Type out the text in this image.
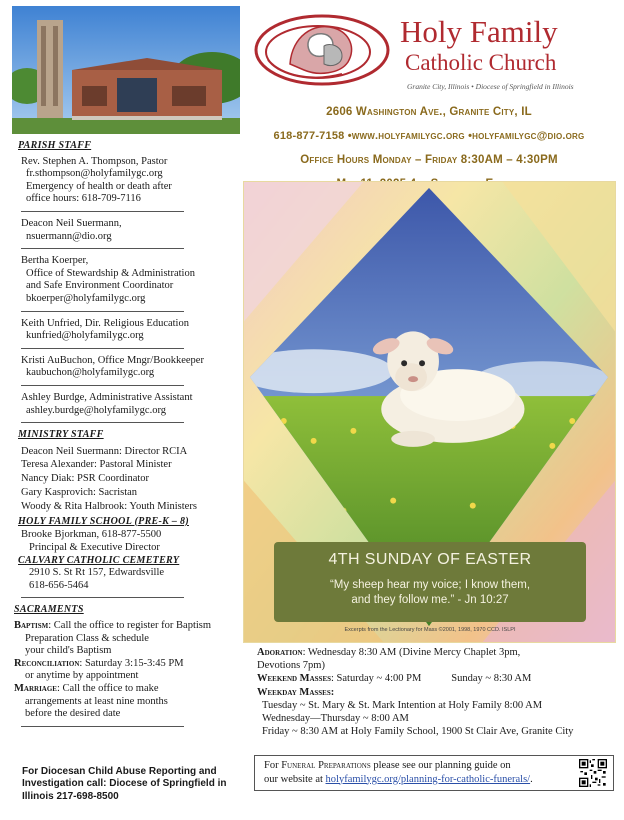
Holy Family
Catholic Church
Granite City, Illinois • Diocese of Springfield in Illinois
2606 Washington Ave., Granite City, IL
618-877-7158 •www.holyfamilygc.org •holyfamilygc@dio.org
Office Hours Monday – Friday 8:30AM – 4:30PM
PARISH STAFF
Rev. Stephen A. Thompson, Pastor
fr.sthompson@holyfamilygc.org
Emergency of health or death after
office hours: 618-709-7116
Deacon Neil Suermann,
nsuermann@dio.org
Bertha Koerper,
Office of Stewardship & Administration
and Safe Environment Coordinator
bkoerper@holyfamilygc.org
Keith Unfried, Dir. Religious Education
kunfried@holyfamilygc.org
Kristi AuBuchon, Office Mngr/Bookkeeper
kaubuchon@holyfamilygc.org
Ashley Burdge, Administrative Assistant
ashley.burdge@holyfamilygc.org
MINISTRY STAFF
Deacon Neil Suermann: Director RCIA
Teresa Alexander: Pastoral Minister
Nancy Diak: PSR Coordinator
Gary Kasprovich: Sacristan
Woody & Rita Halbrook: Youth Ministers
HOLY FAMILY SCHOOL (PRE-K – 8)
Brooke Bjorkman, 618-877-5500
Principal & Executive Director
CALVARY CATHOLIC CEMETERY
2910 S. St Rt 157, Edwardsville
618-656-5464
SACRAMENTS
Baptism: Call the office to register for Baptism
Preparation Class & schedule
your child's Baptism
Reconciliation: Saturday 3:15-3:45 PM
or anytime by appointment
Marriage: Call the office to make
arrangements at least nine months
before the desired date
For Diocesan Child Abuse Reporting and Investigation call: Diocese of Springfield in Illinois 217-698-8500
4TH SUNDAY OF EASTER
“My sheep hear my voice; I know them,
and they follow me.” - Jn 10:27
Excerpts from the Lectionary for Mass ©2001, 1998, 1970 CCD. ISLPI
Adoration: Wednesday 8:30 AM (Divine Mercy Chaplet 3pm,
Devotions 7pm)
Weekend Masses: Saturday ~ 4:00 PM	Sunday ~ 8:30 AM
Weekday Masses:
Tuesday ~ St. Mary & St. Mark Intention at Holy Family 8:00 AM
Wednesday—Thursday ~ 8:00 AM
Friday ~ 8:30 AM at Holy Family School, 1900 St Clair Ave, Granite City
For Funeral Preparations please see our planning guide on
our website at holyfamilygc.org/planning-for-catholic-funerals/.
